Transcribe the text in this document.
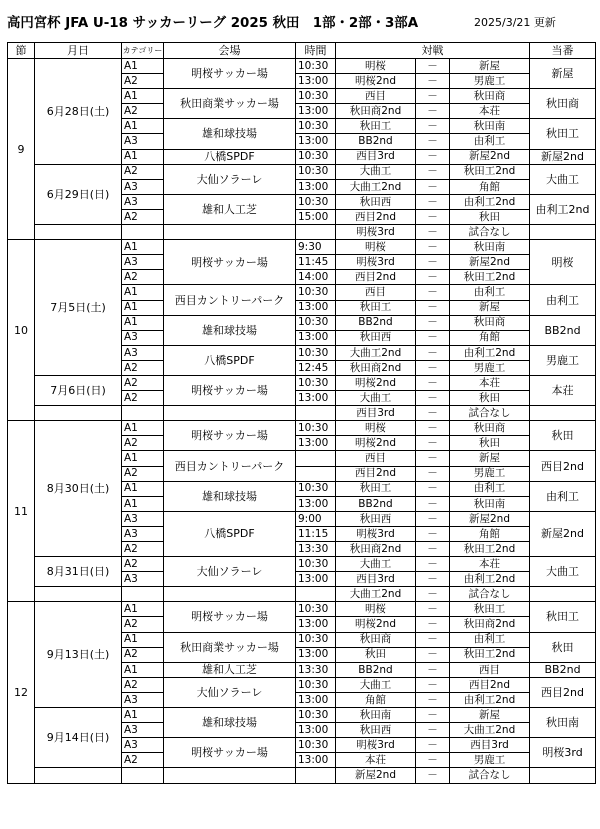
高円宮杯 JFA U-18 サッカーリーグ 2025 秋田　1部・2部・3部A	2025/3/21 更新
節	月日	カテゴリー	会場	時間	対戦			当番
9	6月28日(土)	A1	明桜サッカー場	10:30	明桜	－	新屋	新屋
		A2		13:00	明桜2nd	－	男鹿工	
		A1	秋田商業サッカー場	10:30	西目	－	秋田商	秋田商
		A2		13:00	秋田商2nd	－	本荘	
		A1	雄和球技場	10:30	秋田工	－	秋田南	秋田工
		A3		13:00	BB2nd	－	由利工	
		A1	八橋SPDF	10:30	西目3rd	－	新屋2nd	新屋2nd
	6月29日(日)	A2	大仙ソラーレ	10:30	大曲工	－	秋田工2nd	大曲工
		A3		13:00	大曲工2nd	－	角館	
		A3	雄和人工芝	10:30	秋田西	－	由利工2nd	由利工2nd
		A2		15:00	西目2nd	－	秋田	
					明桜3rd	－	試合なし	
10	7月5日(土)	A1	明桜サッカー場	9:30	明桜	－	秋田南	明桜
		A3		11:45	明桜3rd	－	新屋2nd	
		A2		14:00	西目2nd	－	秋田工2nd	
		A1	西目カントリーパーク	10:30	西目	－	由利工	由利工
		A1		13:00	秋田工	－	新屋	
		A1	雄和球技場	10:30	BB2nd	－	秋田商	BB2nd
		A3		13:00	秋田西	－	角館	
		A3	八橋SPDF	10:30	大曲工2nd	－	由利工2nd	男鹿工
		A2		12:45	秋田商2nd	－	男鹿工	
	7月6日(日)	A2	明桜サッカー場	10:30	明桜2nd	－	本荘	本荘
		A2		13:00	大曲工	－	秋田	
					西目3rd	－	試合なし	
11	8月30日(土)	A1	明桜サッカー場	10:30	明桜	－	秋田商	秋田
		A2		13:00	明桜2nd	－	秋田	
		A1	西目カントリーパーク		西目	－	新屋	西目2nd
		A2			西目2nd	－	男鹿工	
		A1	雄和球技場	10:30	秋田工	－	由利工	由利工
		A1		13:00	BB2nd	－	秋田南	
		A3	八橋SPDF	9:00	秋田西	－	新屋2nd	新屋2nd
		A3		11:15	明桜3rd	－	角館	
		A2		13:30	秋田商2nd	－	秋田工2nd	
	8月31日(日)	A2	大仙ソラーレ	10:30	大曲工	－	本荘	大曲工
		A3		13:00	西目3rd	－	由利工2nd	
					大曲工2nd	－	試合なし	
12	9月13日(土)	A1	明桜サッカー場	10:30	明桜	－	秋田工	秋田工
		A2		13:00	明桜2nd	－	秋田商2nd	
		A1	秋田商業サッカー場	10:30	秋田商	－	由利工	秋田
		A2		13:00	秋田	－	秋田工2nd	
		A1	雄和人工芝	13:30	BB2nd	－	西目	BB2nd
		A2	大仙ソラーレ	10:30	大曲工	－	西目2nd	西目2nd
		A3		13:00	角館	－	由利工2nd	
	9月14日(日)	A1	雄和球技場	10:30	秋田南	－	新屋	秋田南
		A3		13:00	秋田西	－	大曲工2nd	
		A3	明桜サッカー場	10:30	明桜3rd	－	西目3rd	明桜3rd
		A2		13:00	本荘	－	男鹿工	
					新屋2nd	－	試合なし	
